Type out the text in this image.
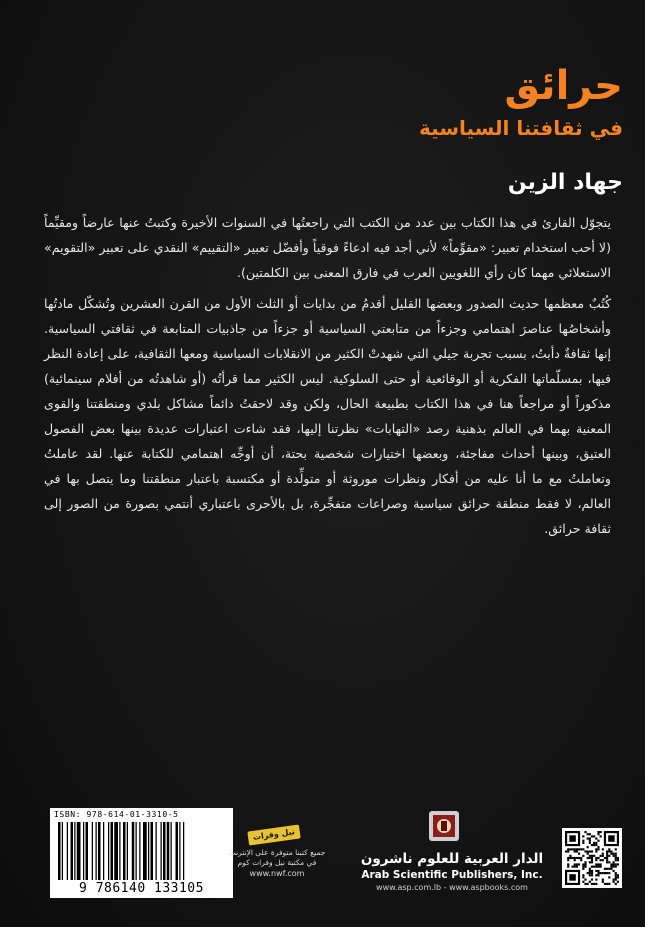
حرائق
في ثقافتنا السياسية
جهاد الزين

يتجوّل القارئ في هذا الكتاب بين عدد من الكتب التي راجعتُها في السنوات الأخيرة وكتبتُ عنها عارضاً ومقيِّماً (لا أحب استخدام تعبير: «مقوِّماً» لأني أجد فيه ادعاءً فوقياً وأفضّل تعبير «التقييم» النقدي على تعبير «التقويم» الاستعلائي مهما كان رأي اللغويين العرب في فارق المعنى بين الكلمتين).

كُتُبٌ معظمها حديث الصدور وبعضها القليل أقدمُ من بدايات أو الثلث الأول من القرن العشرين وتُشكّل مادتُها وأشخاصُها عناصرَ اهتمامي وجزءاً من متابعتي السياسية أو جزءاً من جاذبيات المتابعة في ثقافتي السياسية. إنها ثقافةٌ دأبتُ، بسبب تجربة جيلي التي شهدتْ الكثير من الانقلابات السياسية ومعها الثقافية، على إعادة النظر فيها، بمسلّماتها الفكرية أو الوقائعية أو حتى السلوكية. ليس الكثير مما قرأتُه (أو شاهدتُه من أفلام سينمائية) مذكوراً أو مراجعاً هنا في هذا الكتاب بطبيعة الحال، ولكن وقد لاحقتُ دائماً مشاكل بلدي ومنطقتنا والقوى المعنية بهما في العالم بذهنية رصد «التهابات» نظرتنا إليها، فقد شاءت اعتبارات عديدة بينها بعض الفصول العتيق، وبينها أحداث مفاجئة، وبعضها اختيارات شخصية بحتة، أن أوجِّه اهتمامي للكتابة عنها. لقد عاملتُ وتعاملتُ مع ما أنا عليه من أفكار ونظرات موروثة أو متولِّدة أو مكتسبة باعتبار منطقتنا وما يتصل بها في العالم، لا فقط منطقة حرائق سياسية وصراعات متفجِّرة، بل بالأحرى باعتباري أنتمي بصورة من الصور إلى ثقافة حرائق.

ISBN: 978-614-01-3310-5
9 786140 133105
نيل وفرات
جميع كتبنا متوفرة على الإنترنت
في مكتبة نيل وفرات كوم
www.nwf.com
الدار العربية للعلوم ناشرون
Arab Scientific Publishers, Inc.
www.asp.com.lb - www.aspbooks.com
